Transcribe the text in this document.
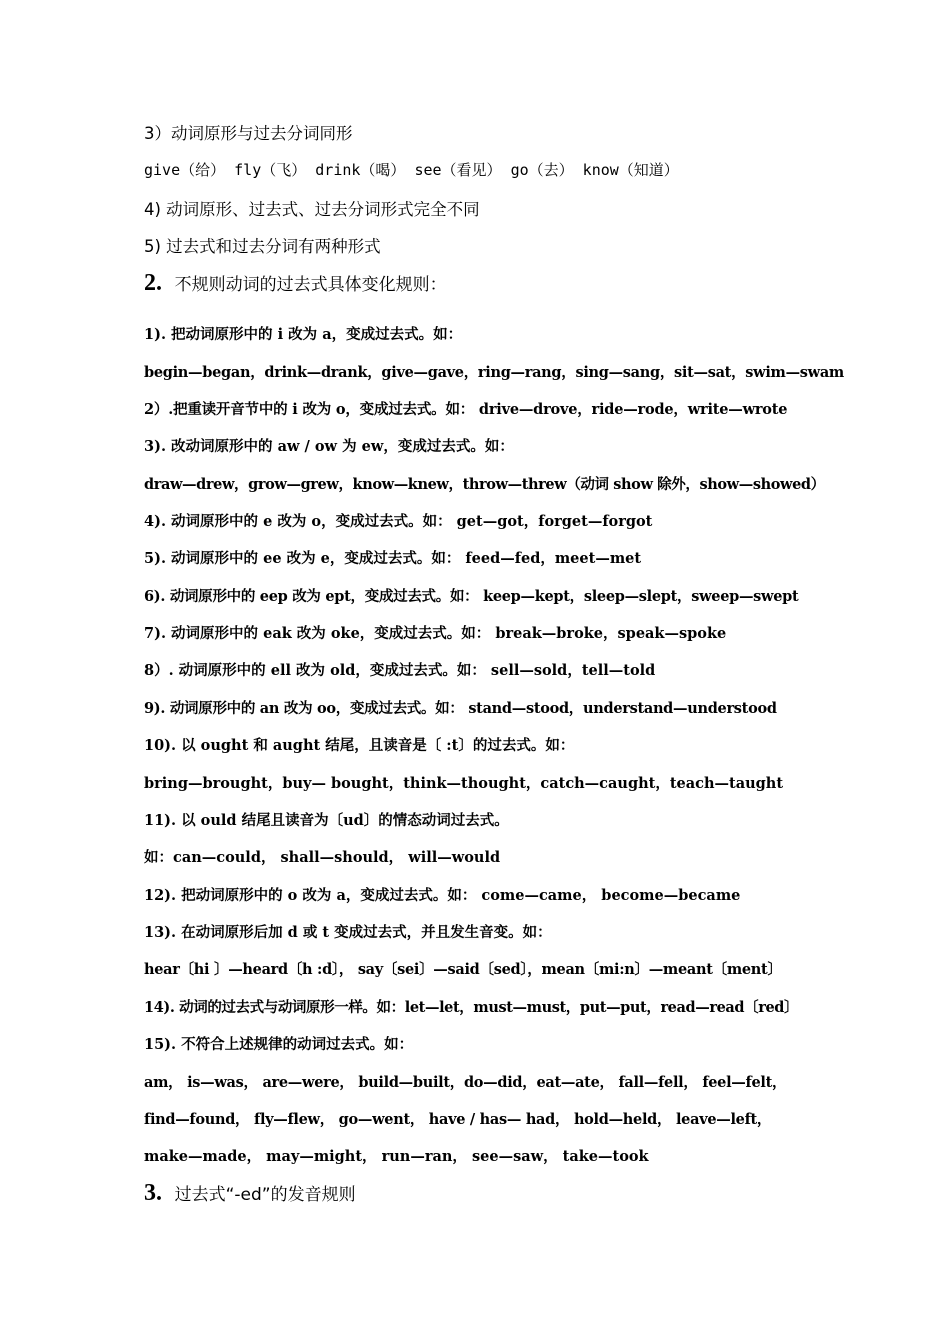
3）动词原形与过去分词同形
give（给） fly（飞） drink（喝） see（看见） go（去） know（知道）
4) 动词原形、过去式、过去分词形式完全不同
5) 过去式和过去分词有两种形式
2. 不规则动词的过去式具体变化规则：
1). 把动词原形中的 i 改为 a，变成过去式。如：
begin—began，drink—drank，give—gave，ring—rang，sing—sang，sit—sat，swim—swam
2）.把重读开音节中的 i 改为 o，变成过去式。如： drive—drove，ride—rode，write—wrote
3). 改动词原形中的 aw / ow 为 ew，变成过去式。如：
draw—drew，grow—grew，know—knew，throw—threw（动词 show 除外，show—showed）
4). 动词原形中的 e 改为 o，变成过去式。如： get—got，forget—forgot
5). 动词原形中的 ee 改为 e，变成过去式。如： feed—fed，meet—met
6). 动词原形中的 eep 改为 ept，变成过去式。如： keep—kept，sleep—slept，sweep—swept
7). 动词原形中的 eak 改为 oke，变成过去式。如： break—broke，speak—spoke
8）. 动词原形中的 ell 改为 old，变成过去式。如： sell—sold，tell—told
9). 动词原形中的 an 改为 oo，变成过去式。如： stand—stood，understand—understood
10). 以 ought 和 aught 结尾，且读音是〔 :t〕的过去式。如：
bring—brought，buy— bought，think—thought，catch—caught，teach—taught
11). 以 ould 结尾且读音为〔ud〕的情态动词过去式。
如：can—could， shall—should， will—would
12). 把动词原形中的 o 改为 a，变成过去式。如： come—came， become—became
13). 在动词原形后加 d 或 t 变成过去式，并且发生音变。如：
hear〔hi 〕—heard〔h :d〕， say〔sei〕—said〔sed〕，mean〔mi:n〕—meant〔ment〕
14). 动词的过去式与动词原形一样。如：let—let，must—must，put—put，read—read〔red〕
15). 不符合上述规律的动词过去式。如：
am， is—was， are—were， build—built，do—did，eat—ate， fall—fell， feel—felt，
find—found， fly—flew， go—went， have / has— had， hold—held， leave—left，
make—made， may—might， run—ran， see—saw， take—took
3. 过去式“-ed”的发音规则
